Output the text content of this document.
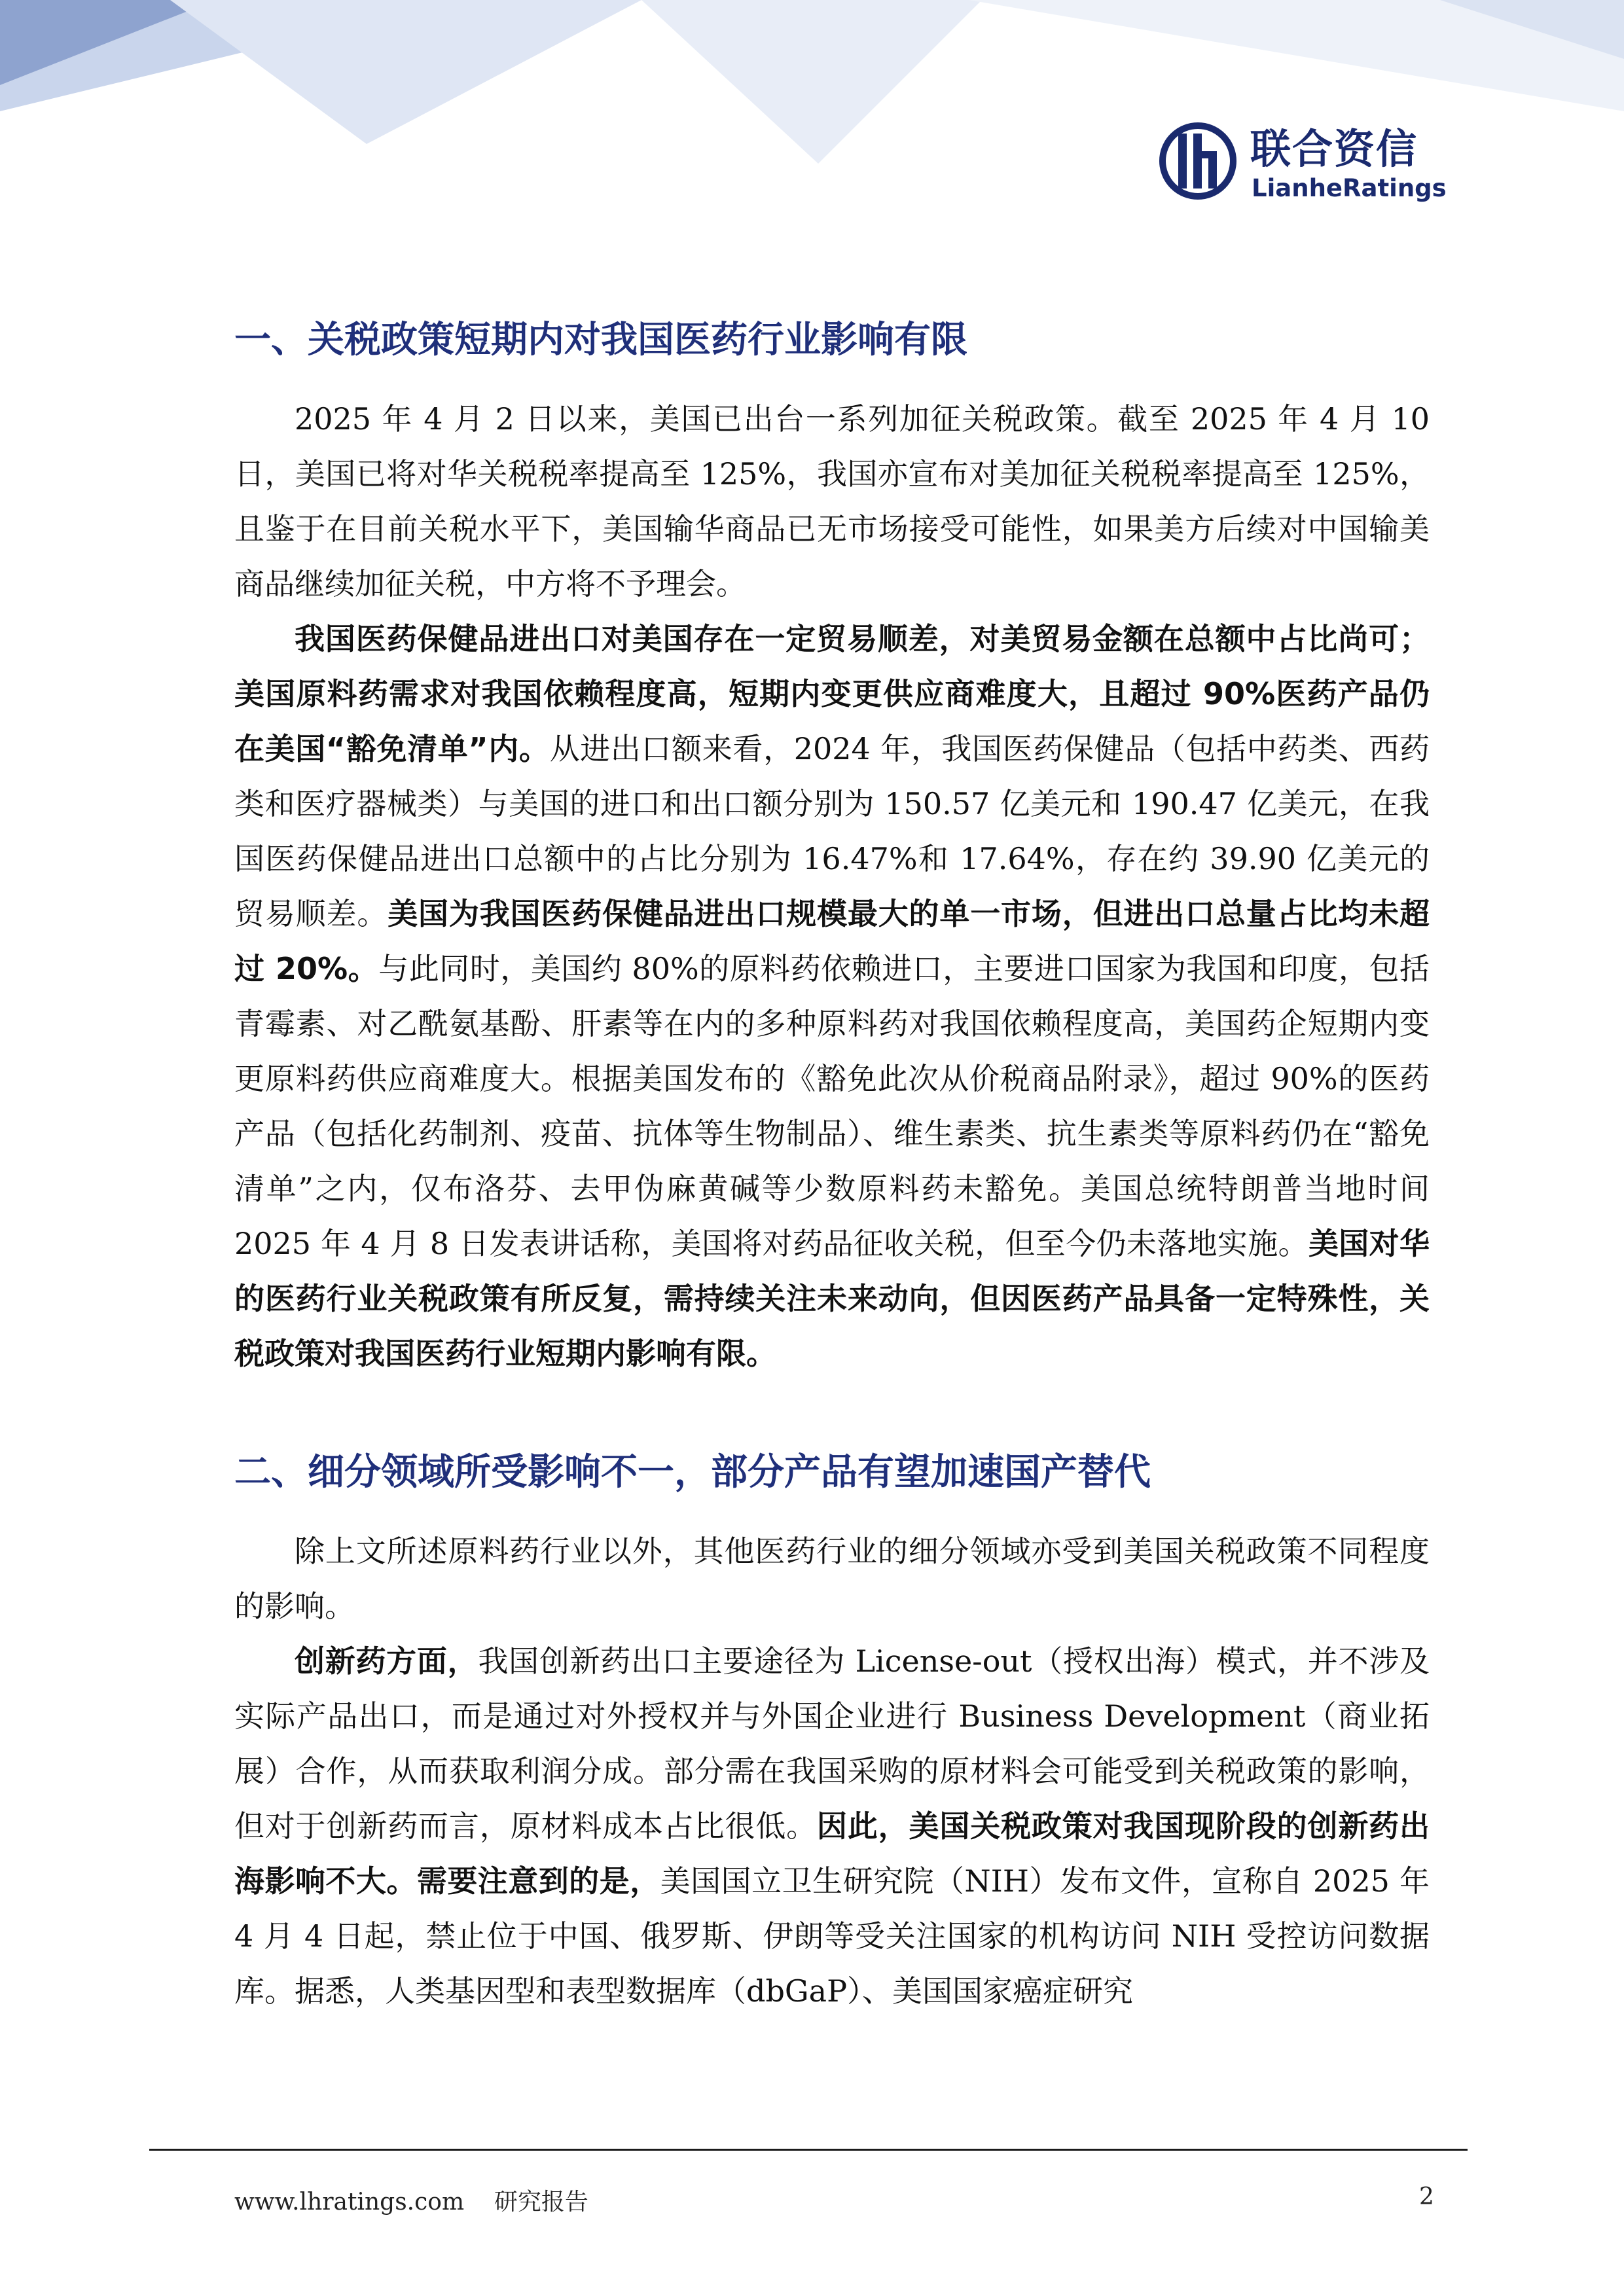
联合资信
LianheRatings
一、关税政策短期内对我国医药行业影响有限

2025 年 4 月 2 日以来，美国已出台一系列加征关税政策。截至 2025 年 4 月 10 日，美国已将对华关税税率提高至 125%，我国亦宣布对美加征关税税率提高至 125%，且鉴于在目前关税水平下，美国输华商品已无市场接受可能性，如果美方后续对中国输美商品继续加征关税，中方将不予理会。

我国医药保健品进出口对美国存在一定贸易顺差，对美贸易金额在总额中占比尚可；美国原料药需求对我国依赖程度高，短期内变更供应商难度大，且超过 90%医药产品仍在美国“豁免清单”内。从进出口额来看，2024 年，我国医药保健品（包括中药类、西药类和医疗器械类）与美国的进口和出口额分别为 150.57 亿美元和 190.47 亿美元，在我国医药保健品进出口总额中的占比分别为 16.47%和 17.64%，存在约 39.90 亿美元的贸易顺差。美国为我国医药保健品进出口规模最大的单一市场，但进出口总量占比均未超过 20%。与此同时，美国约 80%的原料药依赖进口，主要进口国家为我国和印度，包括青霉素、对乙酰氨基酚、肝素等在内的多种原料药对我国依赖程度高，美国药企短期内变更原料药供应商难度大。根据美国发布的《豁免此次从价税商品附录》，超过 90%的医药产品（包括化药制剂、疫苗、抗体等生物制品）、维生素类、抗生素类等原料药仍在“豁免清单”之内，仅布洛芬、去甲伪麻黄碱等少数原料药未豁免。美国总统特朗普当地时间 2025 年 4 月 8 日发表讲话称，美国将对药品征收关税，但至今仍未落地实施。美国对华的医药行业关税政策有所反复，需持续关注未来动向，但因医药产品具备一定特殊性，关税政策对我国医药行业短期内影响有限。

二、细分领域所受影响不一，部分产品有望加速国产替代

除上文所述原料药行业以外，其他医药行业的细分领域亦受到美国关税政策不同程度的影响。

创新药方面，我国创新药出口主要途径为 License-out（授权出海）模式，并不涉及实际产品出口，而是通过对外授权并与外国企业进行 Business Development（商业拓展）合作，从而获取利润分成。部分需在我国采购的原材料会可能受到关税政策的影响，但对于创新药而言，原材料成本占比很低。因此，美国关税政策对我国现阶段的创新药出海影响不大。需要注意到的是，美国国立卫生研究院（NIH）发布文件，宣称自 2025 年 4 月 4 日起，禁止位于中国、俄罗斯、伊朗等受关注国家的机构访问 NIH 受控访问数据库。据悉，人类基因型和表型数据库（dbGaP）、美国国家癌症研究

www.lhratings.com 研究报告	2
